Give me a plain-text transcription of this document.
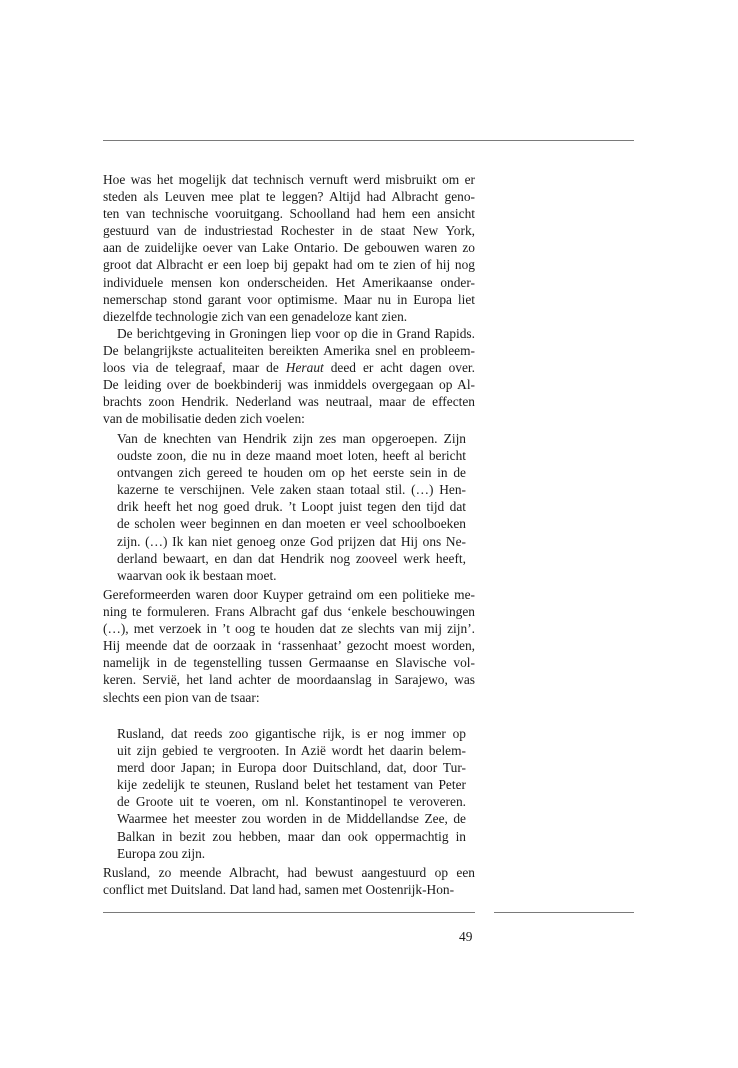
Hoe was het mogelijk dat technisch vernuft werd misbruikt om er
steden als Leuven mee plat te leggen? Altijd had Albracht geno-
ten van technische vooruitgang. Schoolland had hem een ansicht
gestuurd van de industriestad Rochester in de staat New York,
aan de zuidelijke oever van Lake Ontario. De gebouwen waren zo
groot dat Albracht er een loep bij gepakt had om te zien of hij nog
individuele mensen kon onderscheiden. Het Amerikaanse onder-
nemerschap stond garant voor optimisme. Maar nu in Europa liet
diezelfde technologie zich van een genadeloze kant zien.
De berichtgeving in Groningen liep voor op die in Grand Rapids.
De belangrijkste actualiteiten bereikten Amerika snel en probleem-
loos via de telegraaf, maar de Heraut deed er acht dagen over.
De leiding over de boekbinderij was inmiddels overgegaan op Al-
brachts zoon Hendrik. Nederland was neutraal, maar de effecten
van de mobilisatie deden zich voelen:
Van de knechten van Hendrik zijn zes man opgeroepen. Zijn
oudste zoon, die nu in deze maand moet loten, heeft al bericht
ontvangen zich gereed te houden om op het eerste sein in de
kazerne te verschijnen. Vele zaken staan totaal stil. (…) Hen-
drik heeft het nog goed druk. ’t Loopt juist tegen den tijd dat
de scholen weer beginnen en dan moeten er veel schoolboeken
zijn. (…) Ik kan niet genoeg onze God prijzen dat Hij ons Ne-
derland bewaart, en dan dat Hendrik nog zooveel werk heeft,
waarvan ook ik bestaan moet.
Gereformeerden waren door Kuyper getraind om een politieke me-
ning te formuleren. Frans Albracht gaf dus ‘enkele beschouwingen
(…), met verzoek in ’t oog te houden dat ze slechts van mij zijn’.
Hij meende dat de oorzaak in ‘rassenhaat’ gezocht moest worden,
namelijk in de tegenstelling tussen Germaanse en Slavische vol-
keren. Servië, het land achter de moordaanslag in Sarajewo, was
slechts een pion van de tsaar:
Rusland, dat reeds zoo gigantische rijk, is er nog immer op
uit zijn gebied te vergrooten. In Azië wordt het daarin belem-
merd door Japan; in Europa door Duitschland, dat, door Tur-
kije zedelijk te steunen, Rusland belet het testament van Peter
de Groote uit te voeren, om nl. Konstantinopel te veroveren.
Waarmee het meester zou worden in de Middellandse Zee, de
Balkan in bezit zou hebben, maar dan ook oppermachtig in
Europa zou zijn.
Rusland, zo meende Albracht, had bewust aangestuurd op een
conflict met Duitsland. Dat land had, samen met Oostenrijk-Hon-
49
